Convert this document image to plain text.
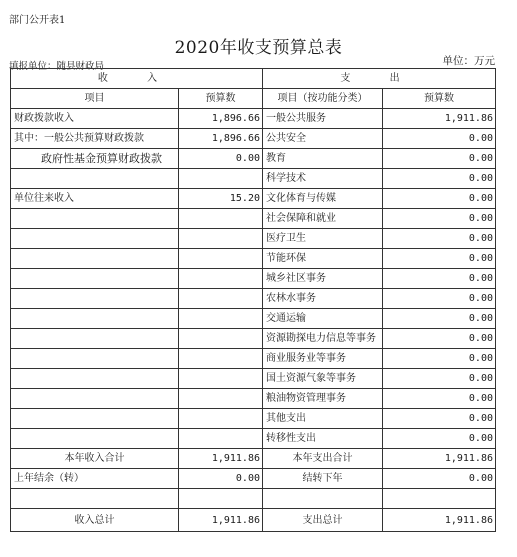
部门公开表1
2020年收支预算总表
填报单位：随县财政局	单位：万元
收 入		支 出	
项目	预算数	项目（按功能分类）	预算数
财政拨款收入	1,896.66	一般公共服务	1,911.86
其中：一般公共预算财政拨款	1,896.66	公共安全	0.00
政府性基金预算财政拨款	0.00	教育	0.00
		科学技术	0.00
单位往来收入	15.20	文化体育与传媒	0.00
		社会保障和就业	0.00
		医疗卫生	0.00
		节能环保	0.00
		城乡社区事务	0.00
		农林水事务	0.00
		交通运输	0.00
		资源勘探电力信息等事务	0.00
		商业服务业等事务	0.00
		国土资源气象等事务	0.00
		粮油物资管理事务	0.00
		其他支出	0.00
		转移性支出	0.00
本年收入合计	1,911.86	本年支出合计	1,911.86
上年结余（转）	0.00	结转下年	0.00

收入总计	1,911.86	支出总计	1,911.86
